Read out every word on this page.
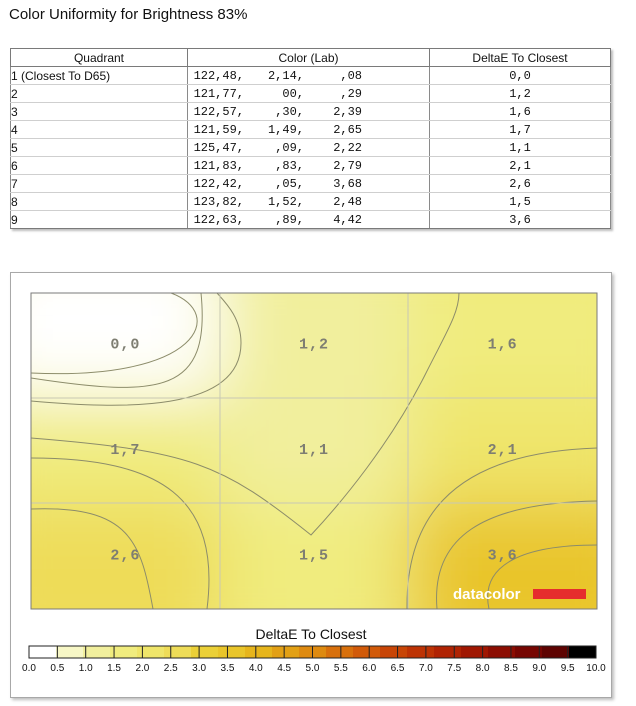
Color Uniformity for Brightness 83%
Quadrant	Color (Lab)	DeltaE To Closest
1 (Closest To D65)	122,48, 2,14, ,08	0,0
2	121,77, 00, ,29	1,2
3	122,57, ,30, 2,39	1,6
4	121,59, 1,49, 2,65	1,7
5	125,47, ,09, 2,22	1,1
6	121,83, ,83, 2,79	2,1
7	122,42, ,05, 3,68	2,6
8	123,82, 1,52, 2,48	1,5
9	122,63, ,89, 4,42	3,6
0,0	1,2	1,6
1,7	1,1	2,1
2,6	1,5	3,6
datacolor
DeltaE To Closest
0.0 0.5 1.0 1.5 2.0 2.5 3.0 3.5 4.0 4.5 5.0 5.5 6.0 6.5 7.0 7.5 8.0 8.5 9.0 9.5 10.0
